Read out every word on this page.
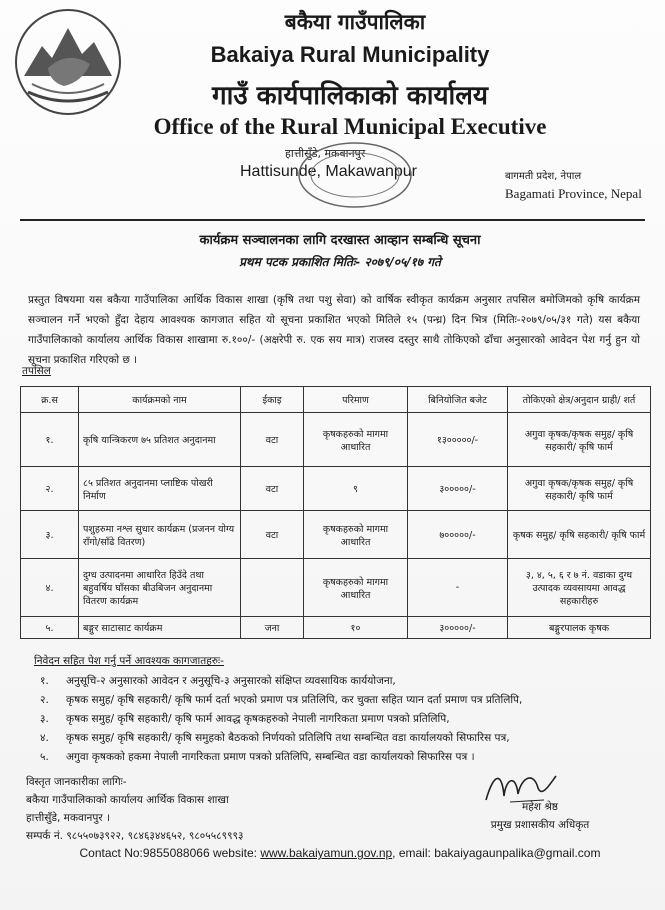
बकैया गाउँपालिका
Bakaiya Rural Municipality
गाउँ कार्यपालिकाको कार्यालय
Office of the Rural Municipal Executive
हात्तीसुँडे, मकवानपुर
Hattisunde, Makawanpur	बागमती प्रदेश, नेपाल
Bagamati Province, Nepal
कार्यक्रम सञ्चालनका लागि दरखास्त आव्हान सम्बन्धि सूचना
प्रथम पटक प्रकाशित मितिः- २०७९/०५/१७ गते
प्रस्तुत विषयमा यस बकैया गाउँपालिका आर्थिक विकास शाखा (कृषि तथा पशु सेवा) को वार्षिक स्वीकृत कार्यक्रम अनुसार तपसिल बमोजिमको कृषि कार्यक्रम सञ्चालन गर्ने भएको हुँदा देहाय आवश्यक कागजात सहित यो सूचना प्रकाशित भएको मितिले १५ (पन्ध्र) दिन भित्र (मितिः-२०७९/०५/३१ गते) यस बकैया गाउँपालिकाको कार्यालय आर्थिक विकास शाखामा रु.१००/- (अक्षरेपी रु. एक सय मात्र) राजस्व दस्तुर साथै तोकिएको ढाँचा अनुसारको आवेदन पेश गर्नु हुन यो सूचना प्रकाशित गरिएको छ ।
तपसिल
क्र.स	कार्यक्रमको नाम	ईकाइ	परिमाण	बिनियोजित बजेट	तोकिएको क्षेत्र/अनुदान ग्राही/ शर्त
१.	कृषि यान्त्रिकरण ७५ प्रतिशत अनुदानमा	वटा	कृषकहरुको मागमा आधारित	१३०००००/-	अगुवा कृषक/कृषक समुह/ कृषि सहकारी/ कृषि फार्म
२.	८५ प्रतिशत अनुदानमा प्लाष्टिक पोखरी निर्माण	वटा	९	३०००००/-	अगुवा कृषक/कृषक समुह/ कृषि सहकारी/ कृषि फार्म
३.	पशुहरुमा नश्ल सुधार कार्यक्रम (प्रजनन योग्य राँगो/साँढे वितरण)	वटा	कृषकहरुको मागमा आधारित	७०००००/-	कृषक समुह/ कृषि सहकारी/ कृषि फार्म
४.	दुग्ध उत्पादनमा आधारित हिउँदे तथा बहुवर्षिय घाँसका बीउबिजन अनुदानमा वितरण कार्यक्रम		कृषकहरुको मागमा आधारित	-	३, ४, ५, ६ र ७ नं. वडाका दुग्ध उत्पादक व्यवसायमा आवद्ध सहकारीहरु
५.	बङ्गुर साटासाट कार्यक्रम	जना	१०	३०००००/-	बङ्गुरपालक कृषक
निवेदन सहित पेश गर्नु पर्ने आवश्यक कागजातहरुः-
१. अनुसूचि-२ अनुसारको आवेदन र अनुसूचि-३ अनुसारको संक्षिप्त व्यवसायिक कार्ययोजना,
२. कृषक समुह/ कृषि सहकारी/ कृषि फार्म दर्ता भएको प्रमाण पत्र प्रतिलिपि, कर चुक्ता सहित प्यान दर्ता प्रमाण पत्र प्रतिलिपि,
३. कृषक समुह/ कृषि सहकारी/ कृषि फार्म आवद्ध कृषकहरुको नेपाली नागरिकता प्रमाण पत्रको प्रतिलिपि,
४. कृषक समुह/ कृषि सहकारी/ कृषि समुहको बैठकको निर्णयको प्रतिलिपि तथा सम्बन्धित वडा कार्यालयको सिफारिस पत्र,
५. अगुवा कृषकको हकमा नेपाली नागरिकता प्रमाण पत्रको प्रतिलिपि, सम्बन्धित वडा कार्यालयको सिफारिस पत्र ।
विस्तृत जानकारीका लागिः-
बकैया गाउँपालिकाको कार्यालय आर्थिक विकास शाखा
हात्तीसुँडे, मकवानपुर ।
सम्पर्क नं. ९८५५०७३९२२, ९८४६३४४६५२, ९८०५५८९९९३
महेश श्रेष्ठ
प्रमुख प्रशासकीय अधिकृत
Contact No:9855088066 website: www.bakaiyamun.gov.np, email: bakaiyagaunpalika@gmail.com
